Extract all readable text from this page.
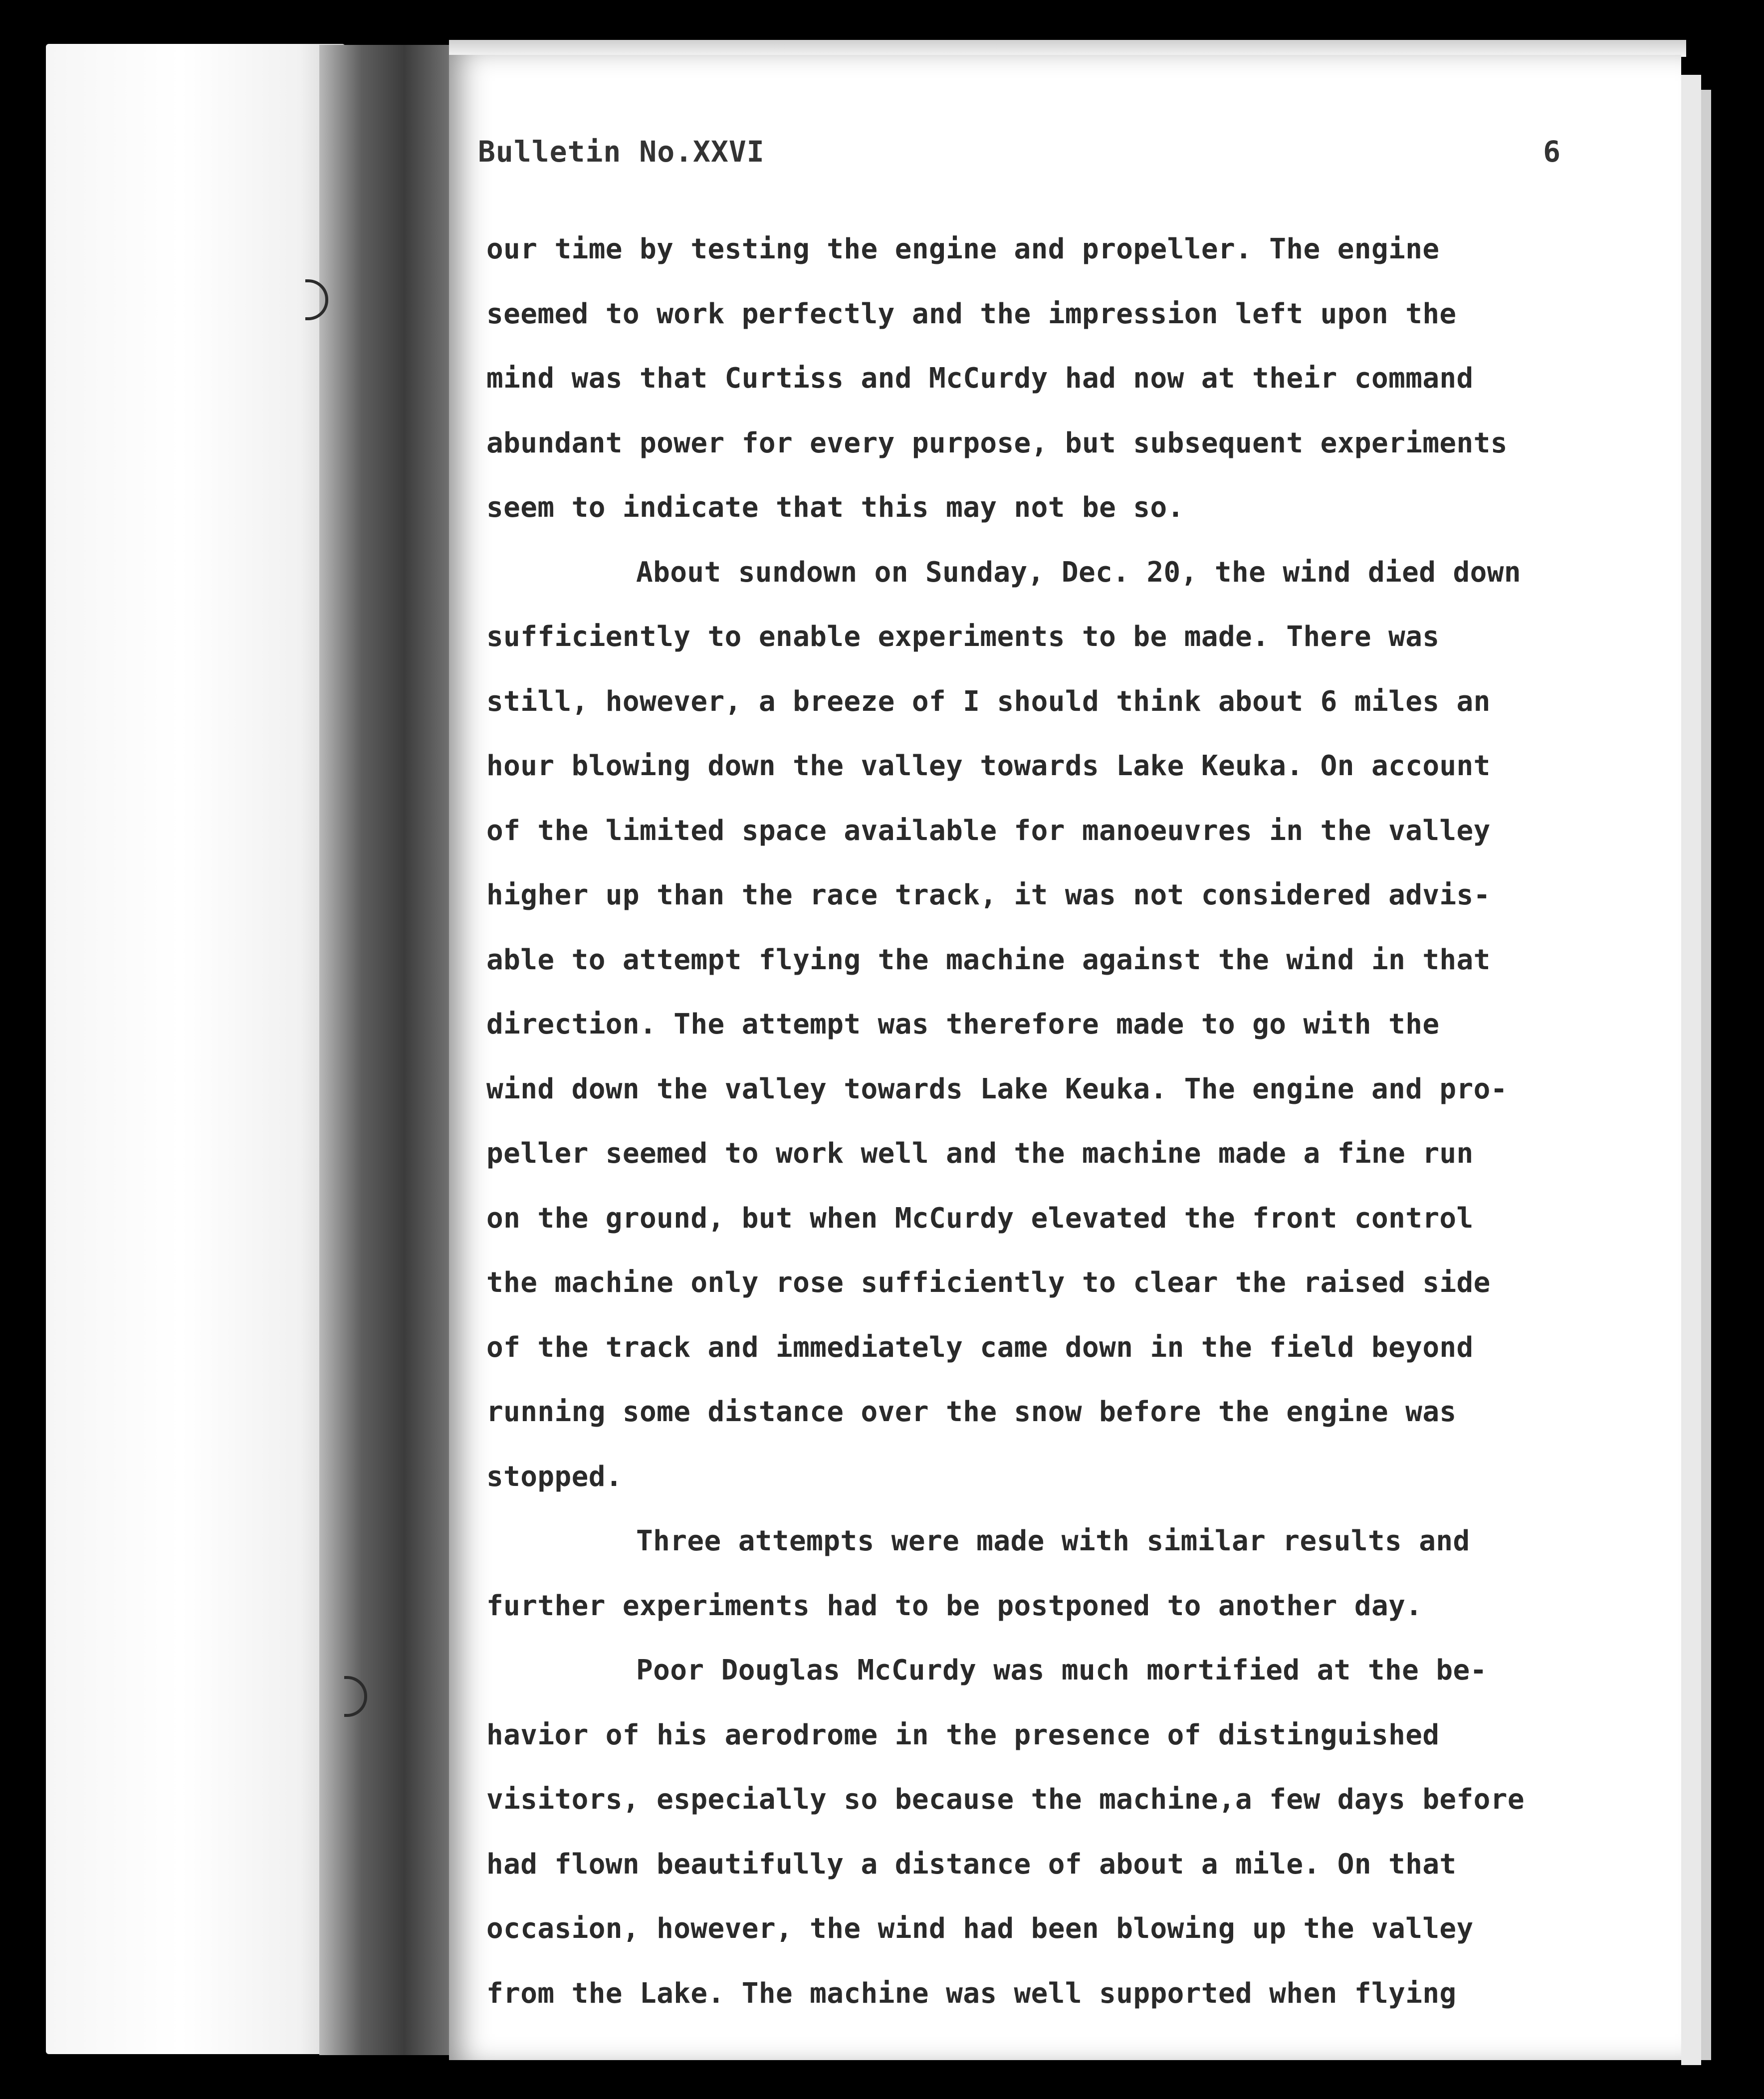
Bulletin No.XXVI	6
our time by testing the engine and propeller. The engine
seemed to work perfectly and the impression left upon the
mind was that Curtiss and McCurdy had now at their command
abundant power for every purpose, but subsequent experiments
seem to indicate that this may not be so.
About sundown on Sunday, Dec. 20, the wind died down
sufficiently to enable experiments to be made. There was
still, however, a breeze of I should think about 6 miles an
hour blowing down the valley towards Lake Keuka. On account
of the limited space available for manoeuvres in the valley
higher up than the race track, it was not considered advis-
able to attempt flying the machine against the wind in that
direction. The attempt was therefore made to go with the
wind down the valley towards Lake Keuka. The engine and pro-
peller seemed to work well and the machine made a fine run
on the ground, but when McCurdy elevated the front control
the machine only rose sufficiently to clear the raised side
of the track and immediately came down in the field beyond
running some distance over the snow before the engine was
stopped.
Three attempts were made with similar results and
further experiments had to be postponed to another day.
Poor Douglas McCurdy was much mortified at the be-
havior of his aerodrome in the presence of distinguished
visitors, especially so because the machine,a few days before
had flown beautifully a distance of about a mile. On that
occasion, however, the wind had been blowing up the valley
from the Lake. The machine was well supported when flying
